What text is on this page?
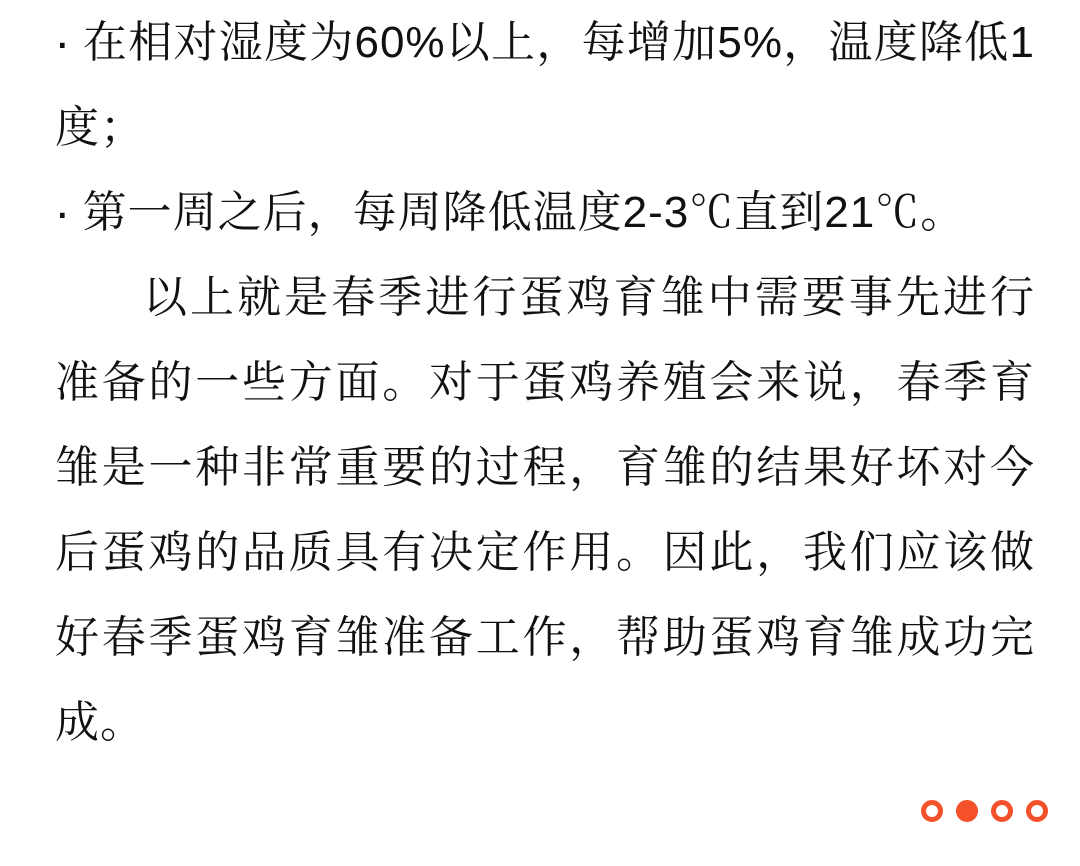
· 在相对湿度为60%以上，每增加5%，温度降低1度；

· 第一周之后，每周降低温度2-3℃直到21℃。

以上就是春季进行蛋鸡育雏中需要事先进行准备的一些方面。对于蛋鸡养殖会来说，春季育雏是一种非常重要的过程，育雏的结果好坏对今后蛋鸡的品质具有决定作用。因此，我们应该做好春季蛋鸡育雏准备工作，帮助蛋鸡育雏成功完成。
